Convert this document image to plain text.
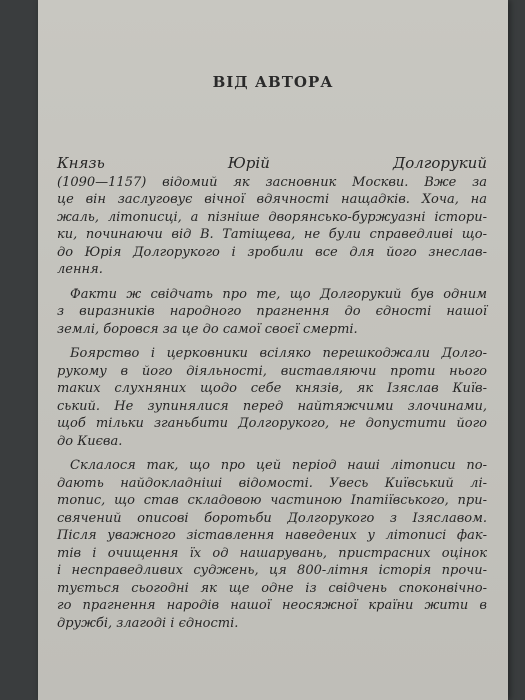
ВІД АВТОРА
Князь Юрій Долгорукий
(1090—1157) відомий як засновник Москви. Вже за
це він заслуговує вічної вдячності нащадків. Хоча, на
жаль, літописці, а пізніше дворянсько-буржуазні істори-
ки, починаючи від В. Татіщева, не були справедливі що-
до Юрія Долгорукого і зробили все для його знеслав-
лення.
Факти ж свідчать про те, що Долгорукий був одним
з виразників народного прагнення до єдності нашої
землі, боровся за це до самої своєї смерті.
Боярство і церковники всіляко перешкоджали Долго-
рукому в його діяльності, виставляючи проти нього
таких слухняних щодо себе князів, як Ізяслав Київ-
ський. Не зупинялися перед найтяжчими злочинами,
щоб тільки зганьбити Долгорукого, не допустити його
до Києва.
Склалося так, що про цей період наші літописи по-
дають найдокладніші відомості. Увесь Київський лі-
топис, що став складовою частиною Іпатіївського, при-
свячений описові боротьби Долгорукого з Ізяславом.
Після уважного зіставлення наведених у літописі фак-
тів і очищення їх од нашарувань, пристрасних оцінок
і несправедливих суджень, ця 800-літня історія прочи-
тується сьогодні як ще одне із свідчень споконвічно-
го прагнення народів нашої неосяжної країни жити в
дружбі, злагоді і єдності.
